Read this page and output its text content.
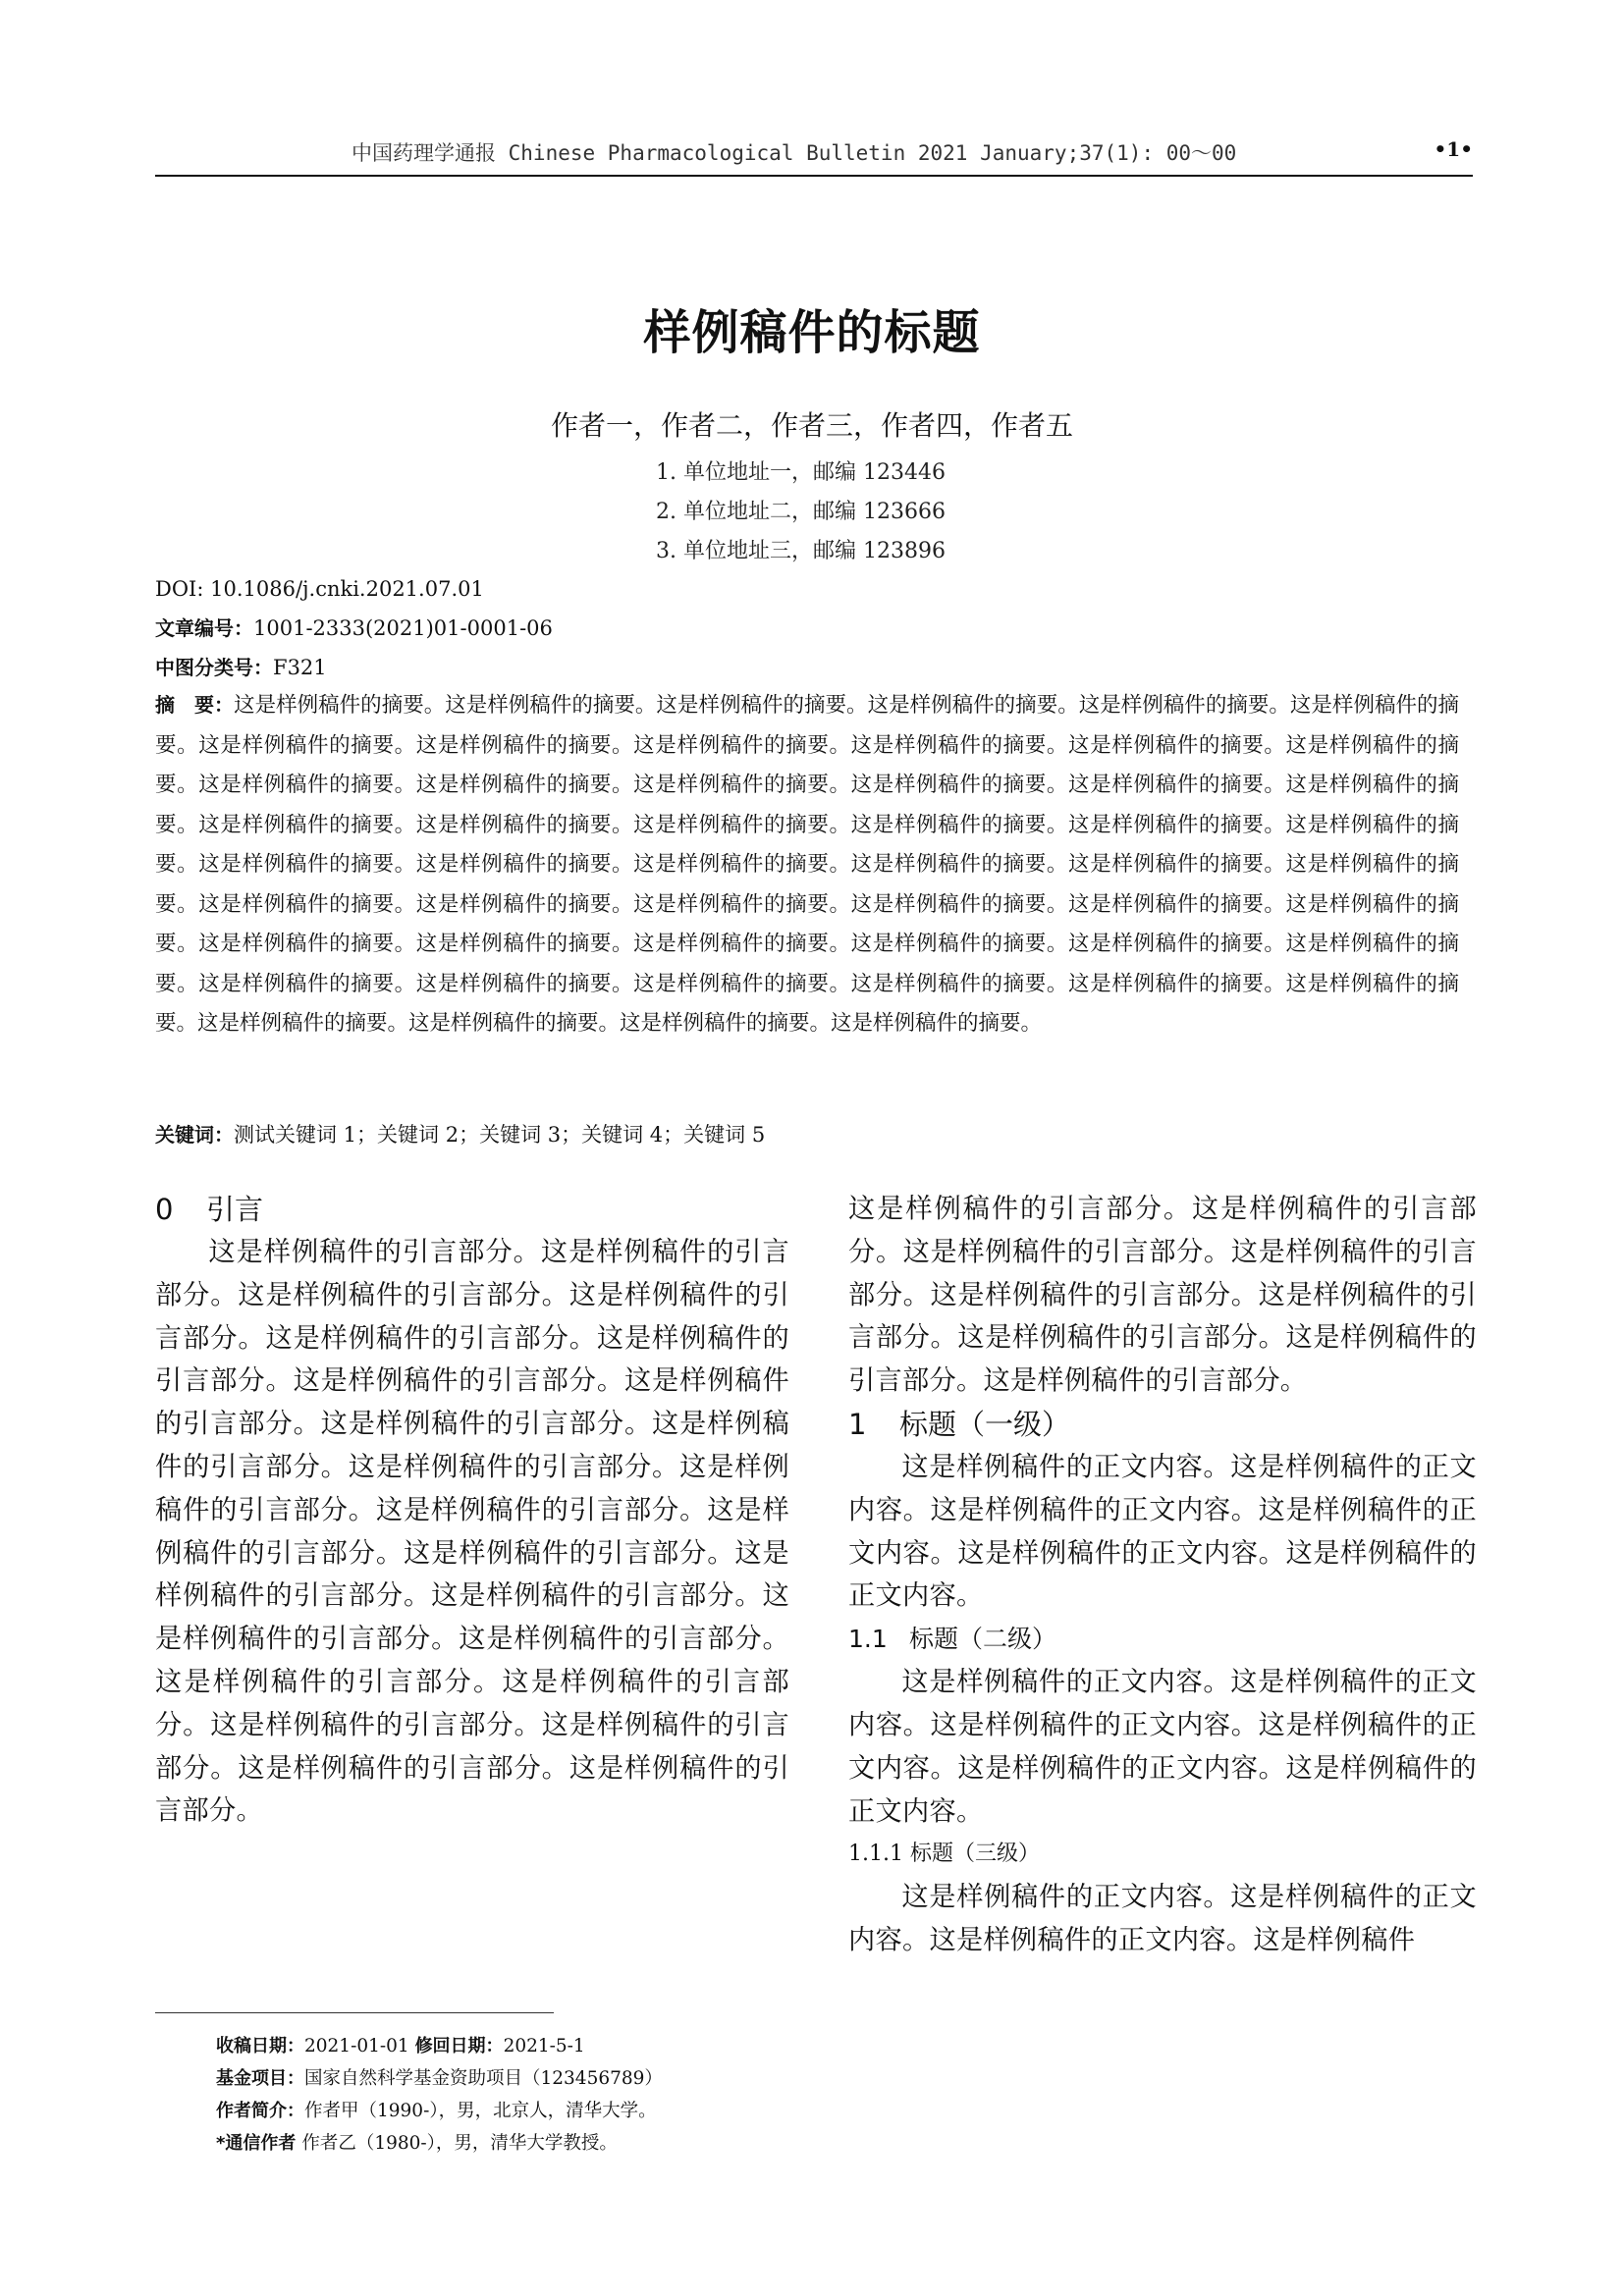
中国药理学通报 Chinese Pharmacological Bulletin 2021 January;37(1): 00～00	•1•
样例稿件的标题
作者一，作者二，作者三，作者四，作者五
1. 单位地址一，邮编 123446
2. 单位地址二，邮编 123666
3. 单位地址三，邮编 123896
DOI: 10.1086/j.cnki.2021.07.01
文章编号：1001-2333(2021)01-0001-06
中图分类号：F321
摘　要：这是样例稿件的摘要。这是样例稿件的摘要。这是样例稿件的摘要。这是样例稿件的摘要。这是样例稿件的摘要。这是样例稿件的摘要。这是样例稿件的摘要。这是样例稿件的摘要。这是样例稿件的摘要。这是样例稿件的摘要。这是样例稿件的摘要。这是样例稿件的摘要。这是样例稿件的摘要。这是样例稿件的摘要。这是样例稿件的摘要。这是样例稿件的摘要。这是样例稿件的摘要。这是样例稿件的摘要。这是样例稿件的摘要。这是样例稿件的摘要。这是样例稿件的摘要。这是样例稿件的摘要。这是样例稿件的摘要。这是样例稿件的摘要。这是样例稿件的摘要。这是样例稿件的摘要。这是样例稿件的摘要。这是样例稿件的摘要。这是样例稿件的摘要。这是样例稿件的摘要。这是样例稿件的摘要。这是样例稿件的摘要。这是样例稿件的摘要。这是样例稿件的摘要。这是样例稿件的摘要。这是样例稿件的摘要。这是样例稿件的摘要。这是样例稿件的摘要。这是样例稿件的摘要。这是样例稿件的摘要。这是样例稿件的摘要。这是样例稿件的摘要。这是样例稿件的摘要。这是样例稿件的摘要。这是样例稿件的摘要。这是样例稿件的摘要。这是样例稿件的摘要。这是样例稿件的摘要。这是样例稿件的摘要。这是样例稿件的摘要。这是样例稿件的摘要。这是样例稿件的摘要。
关键词：测试关键词 1；关键词 2；关键词 3；关键词 4；关键词 5
0 引言

这是样例稿件的引言部分。这是样例稿件的引言部分。这是样例稿件的引言部分。这是样例稿件的引言部分。这是样例稿件的引言部分。这是样例稿件的引言部分。这是样例稿件的引言部分。这是样例稿件的引言部分。这是样例稿件的引言部分。这是样例稿件的引言部分。这是样例稿件的引言部分。这是样例稿件的引言部分。这是样例稿件的引言部分。这是样例稿件的引言部分。这是样例稿件的引言部分。这是样例稿件的引言部分。这是样例稿件的引言部分。这是样例稿件的引言部分。这是样例稿件的引言部分。这是样例稿件的引言部分。这是样例稿件的引言部分。这是样例稿件的引言部分。这是样例稿件的引言部分。这是样例稿件的引言部分。这是样例稿件的引言部分。

这是样例稿件的引言部分。这是样例稿件的引言部分。这是样例稿件的引言部分。这是样例稿件的引言部分。这是样例稿件的引言部分。这是样例稿件的引言部分。这是样例稿件的引言部分。这是样例稿件的引言部分。这是样例稿件的引言部分。

1 标题（一级）

这是样例稿件的正文内容。这是样例稿件的正文内容。这是样例稿件的正文内容。这是样例稿件的正文内容。这是样例稿件的正文内容。这是样例稿件的正文内容。

1.1 标题（二级）

这是样例稿件的正文内容。这是样例稿件的正文内容。这是样例稿件的正文内容。这是样例稿件的正文内容。这是样例稿件的正文内容。这是样例稿件的正文内容。

1.1.1 标题（三级）

这是样例稿件的正文内容。这是样例稿件的正文内容。这是样例稿件的正文内容。这是样例稿件

收稿日期：2021-01-01 修回日期：2021-5-1
基金项目：国家自然科学基金资助项目（123456789）
作者简介：作者甲（1990-），男，北京人，清华大学。
*通信作者 作者乙（1980-），男，清华大学教授。
